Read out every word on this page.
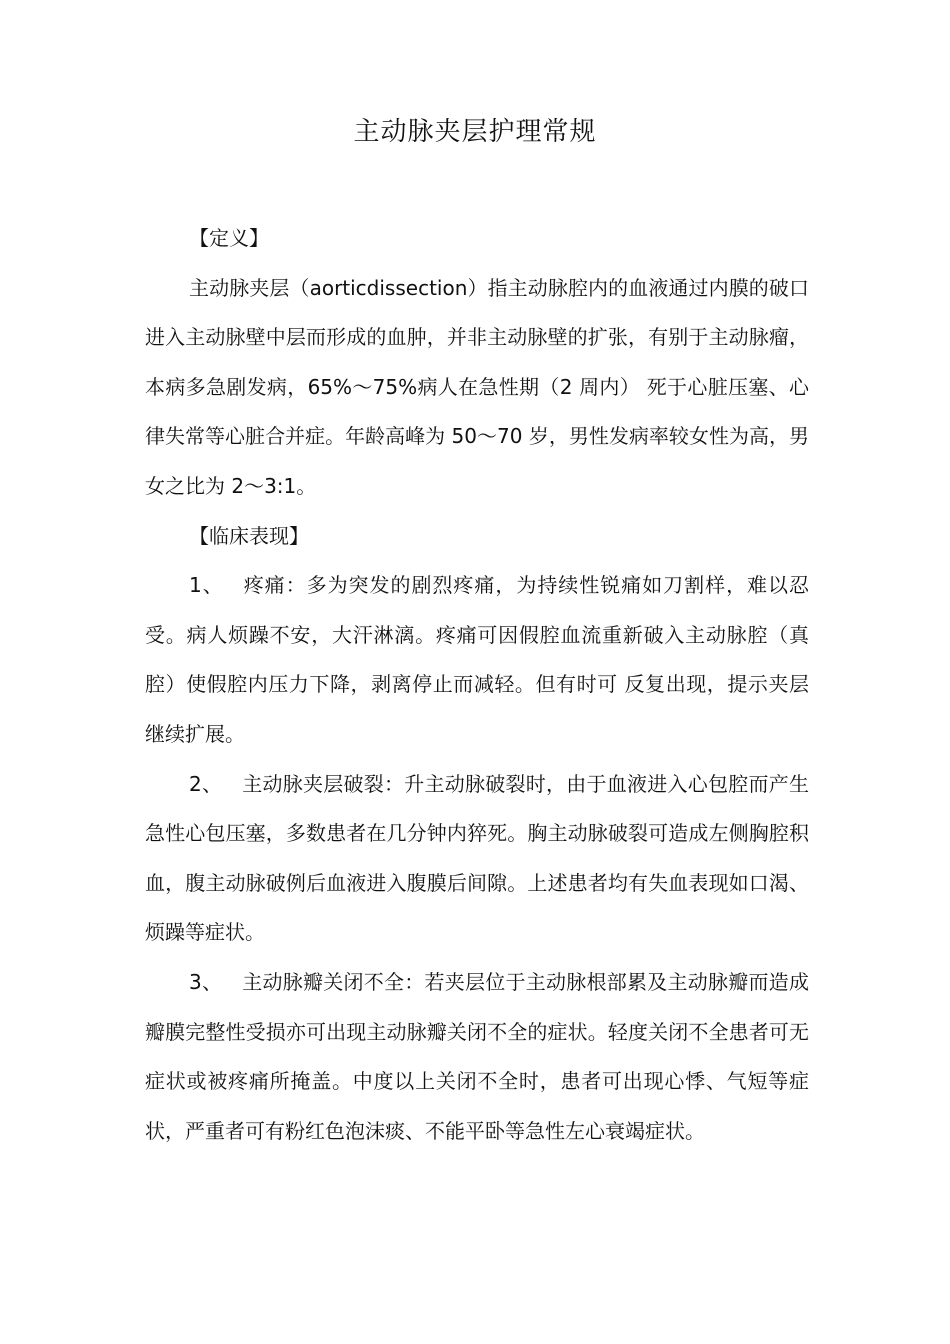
主动脉夹层护理常规

【定义】

主动脉夹层（aorticdissection）指主动脉腔内的血液通过内膜的破口进入主动脉壁中层而形成的血肿，并非主动脉壁的扩张，有别于主动脉瘤，本病多急剧发病，65%～75%病人在急性期（2 周内） 死于心脏压塞、心律失常等心脏合并症。年龄高峰为 50～70 岁，男性发病率较女性为高，男女之比为 2～3:1。

【临床表现】

1、 疼痛：多为突发的剧烈疼痛，为持续性锐痛如刀割样，难以忍受。病人烦躁不安，大汗淋漓。疼痛可因假腔血流重新破入主动脉腔（真腔）使假腔内压力下降，剥离停止而减轻。但有时可 反复出现，提示夹层继续扩展。

2、 主动脉夹层破裂：升主动脉破裂时，由于血液进入心包腔而产生急性心包压塞，多数患者在几分钟内猝死。胸主动脉破裂可造成左侧胸腔积血，腹主动脉破例后血液进入腹膜后间隙。上述患者均有失血表现如口渴、烦躁等症状。

3、 主动脉瓣关闭不全：若夹层位于主动脉根部累及主动脉瓣而造成瓣膜完整性受损亦可出现主动脉瓣关闭不全的症状。轻度关闭不全患者可无症状或被疼痛所掩盖。中度以上关闭不全时，患者可出现心悸、气短等症状，严重者可有粉红色泡沫痰、不能平卧等急性左心衰竭症状。
